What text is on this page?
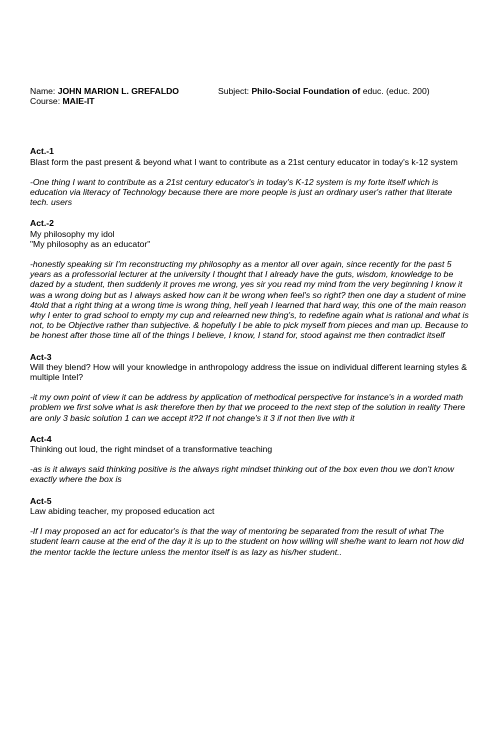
Name: JOHN MARION L. GREFALDO	Subject: Philo-Social Foundation of educ. (educ. 200)
Course: MAIE-IT
Act.-1
Blast form the past present & beyond what I want to contribute as a 21st century educator in today's k-12 system
-One thing I want to contribute as a 21st century educator's in today's K-12 system is my forte itself which is education via literacy of Technology because there are more people is just an ordinary user's rather that literate tech. users
Act.-2
My philosophy my idol
"My philosophy as an educator"
-honestly speaking sir I'm reconstructing my philosophy as a mentor all over again, since recently for the past 5 years as a professorial lecturer at the university I thought that I already have the guts, wisdom, knowledge to be dazed by a student, then suddenly it proves me wrong, yes sir you read my mind from the very beginning I know it was a wrong doing but as I always asked how can it be wrong when feel's so right? then one day a student of mine 4told that a right thing at a wrong time is wrong thing, hell yeah I learned that hard way, this one of the main reason why I enter to grad school to empty my cup and relearned new thing's, to redefine again what is rational and what is not, to be Objective rather than subjective. & hopefully I be able to pick myself from pieces and man up. Because to be honest after those time all of the things I believe, I know, I stand for, stood against me then contradict itself
Act-3
Will they blend? How will your knowledge in anthropology address the issue on individual different learning styles & multiple Intel?
-it my own point of view it can be address by application of methodical perspective for instance's in a worded math problem we first solve what is ask therefore then by that we proceed to the next step of the solution in reality There are only 3 basic solution 1 can we accept it?2 If not change's it 3 if not then live with it
Act-4
Thinking out loud, the right mindset of a transformative teaching
-as is it always said thinking positive is the always right mindset thinking out of the box even thou we don't know exactly where the box is
Act-5
Law abiding teacher, my proposed education act
-If I may proposed an act for educator's is that the way of mentoring be separated from the result of what The student learn cause at the end of the day it is up to the student on how willing will she/he want to learn not how did the mentor tackle the lecture unless the mentor itself is as lazy as his/her student..
